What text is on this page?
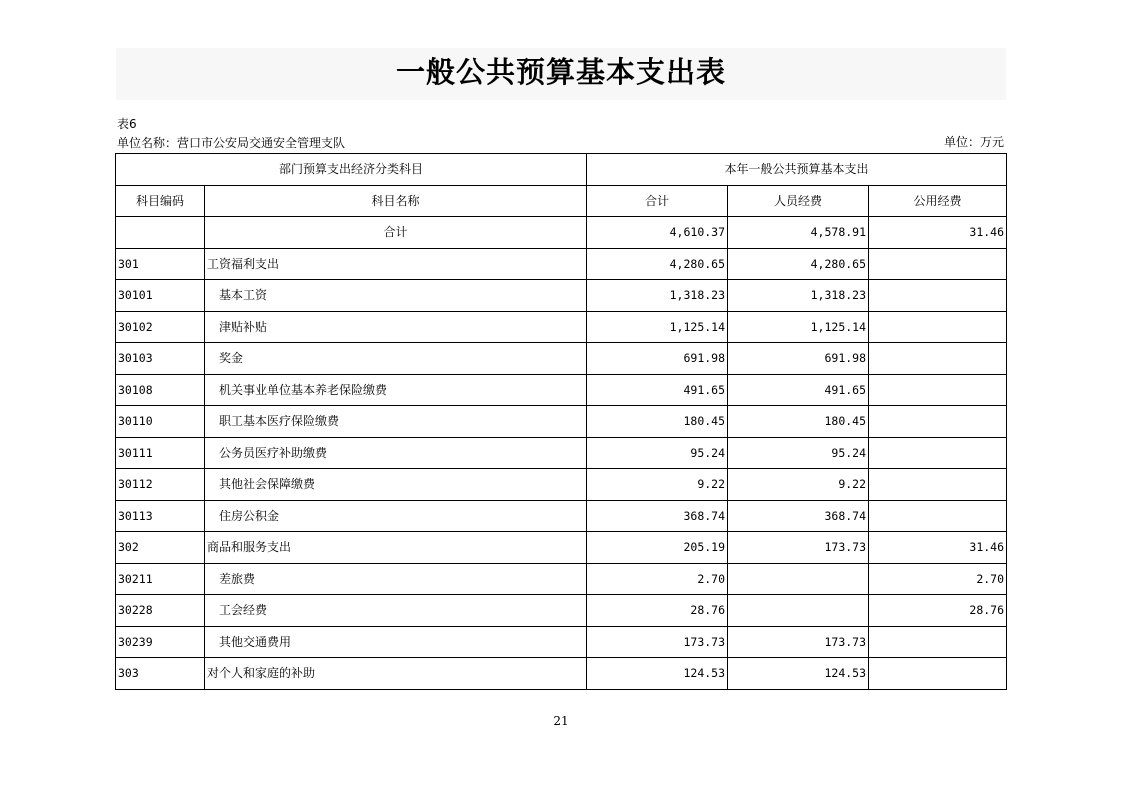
一般公共预算基本支出表
表6
单位名称：营口市公安局交通安全管理支队	单位：万元
部门预算支出经济分类科目		本年一般公共预算基本支出		
科目编码	科目名称	合计	人员经费	公用经费
	合计	4,610.37	4,578.91	31.46
301	工资福利支出	4,280.65	4,280.65	
30101	基本工资	1,318.23	1,318.23	
30102	津贴补贴	1,125.14	1,125.14	
30103	奖金	691.98	691.98	
30108	机关事业单位基本养老保险缴费	491.65	491.65	
30110	职工基本医疗保险缴费	180.45	180.45	
30111	公务员医疗补助缴费	95.24	95.24	
30112	其他社会保障缴费	9.22	9.22	
30113	住房公积金	368.74	368.74	
302	商品和服务支出	205.19	173.73	31.46
30211	差旅费	2.70		2.70
30228	工会经费	28.76		28.76
30239	其他交通费用	173.73	173.73	
303	对个人和家庭的补助	124.53	124.53	
21
